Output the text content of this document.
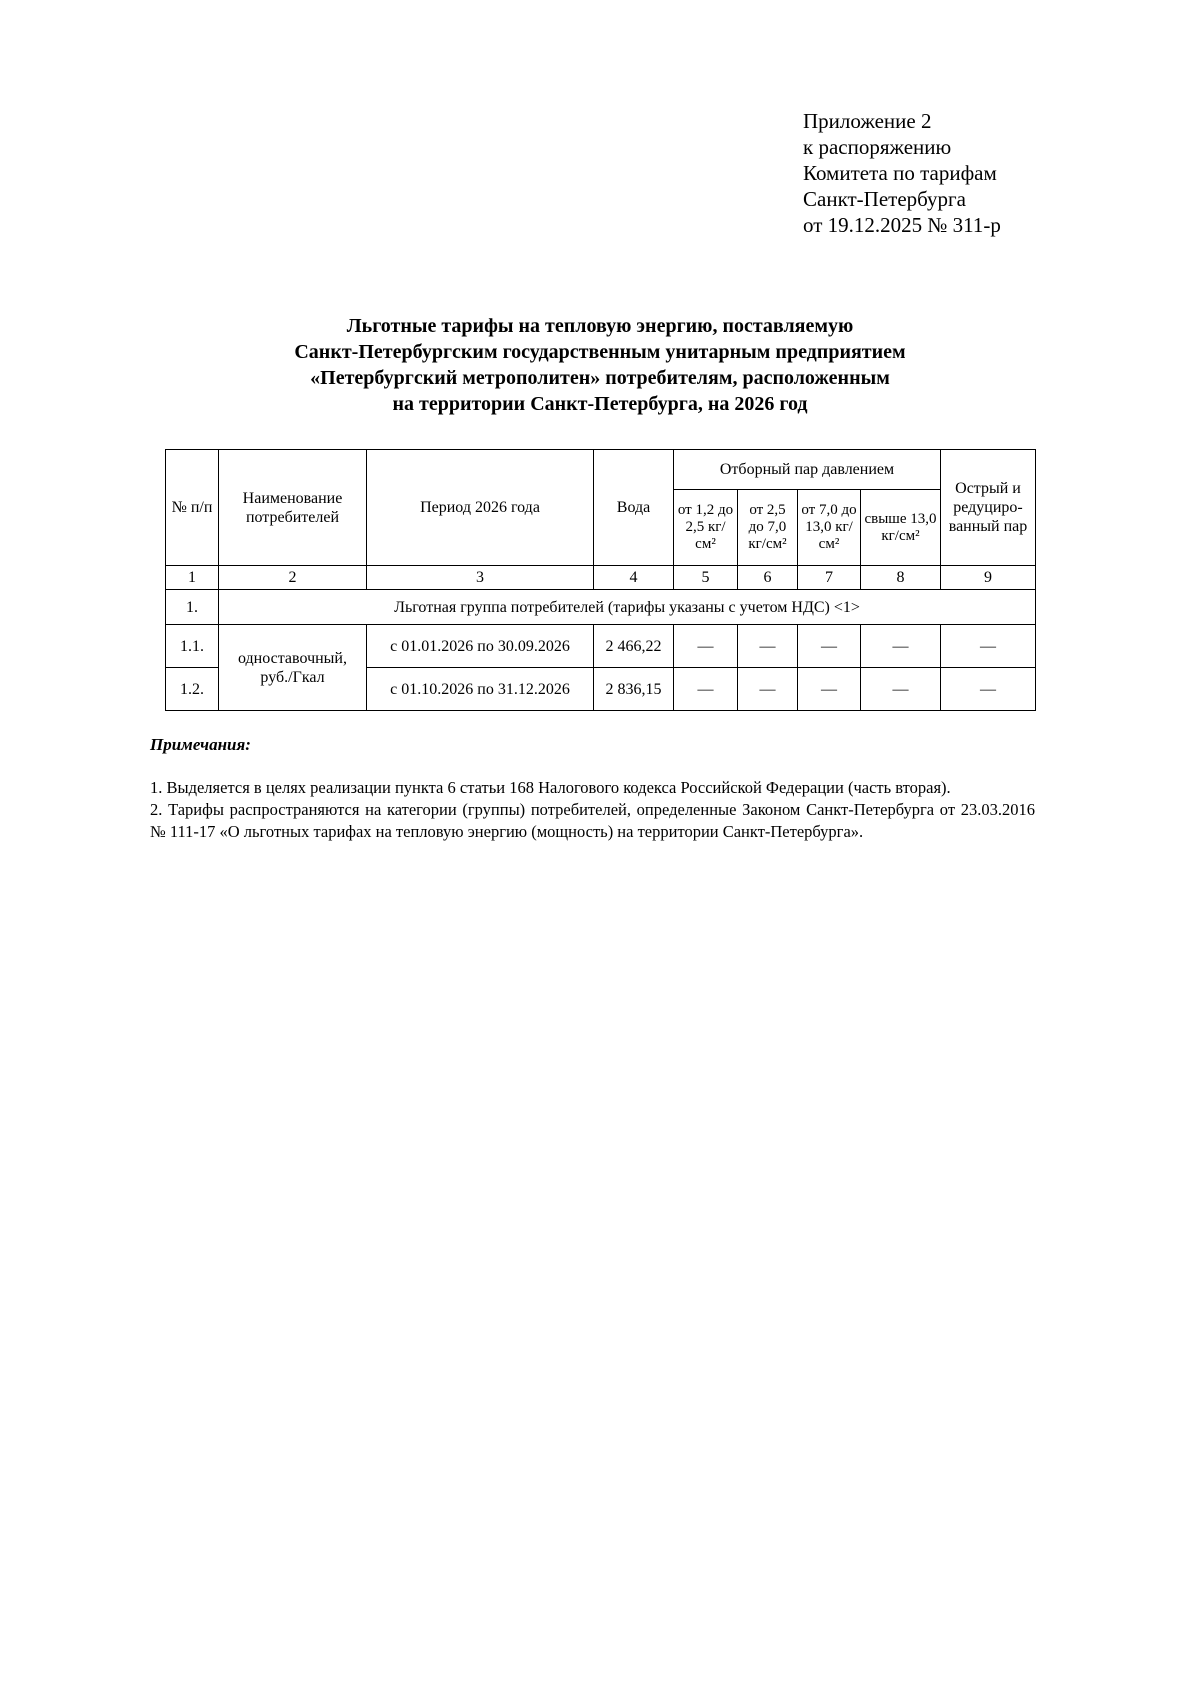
Приложение 2
к распоряжению
Комитета по тарифам
Санкт-Петербурга
от 19.12.2025 № 311-р
Льготные тарифы на тепловую энергию, поставляемую
Санкт-Петербургским государственным унитарным предприятием
«Петербургский метрополитен» потребителям, расположенным
на территории Санкт-Петербурга, на 2026 год
№ п/п	Наименование потребителей	Период 2026 года	Вода	Отборный пар давлением				Острый и редуциро-ванный пар
				от 1,2 до 2,5 кг/см²	от 2,5 до 7,0 кг/см²	от 7,0 до 13,0 кг/см²	свыше 13,0 кг/см²	
1	2	3	4	5	6	7	8	9
1.	Льготная группа потребителей (тарифы указаны с учетом НДС) <1>							
1.1.	одноставочный, руб./Гкал	с 01.01.2026 по 30.09.2026	2 466,22	—	—	—	—	—
1.2.		с 01.10.2026 по 31.12.2026	2 836,15	—	—	—	—	—
Примечания:

1. Выделяется в целях реализации пункта 6 статьи 168 Налогового кодекса Российской Федерации (часть вторая).

2. Тарифы распространяются на категории (группы) потребителей, определенные Законом Санкт-Петербурга от 23.03.2016 № 111-17 «О льготных тарифах на тепловую энергию (мощность) на территории Санкт-Петербурга».
